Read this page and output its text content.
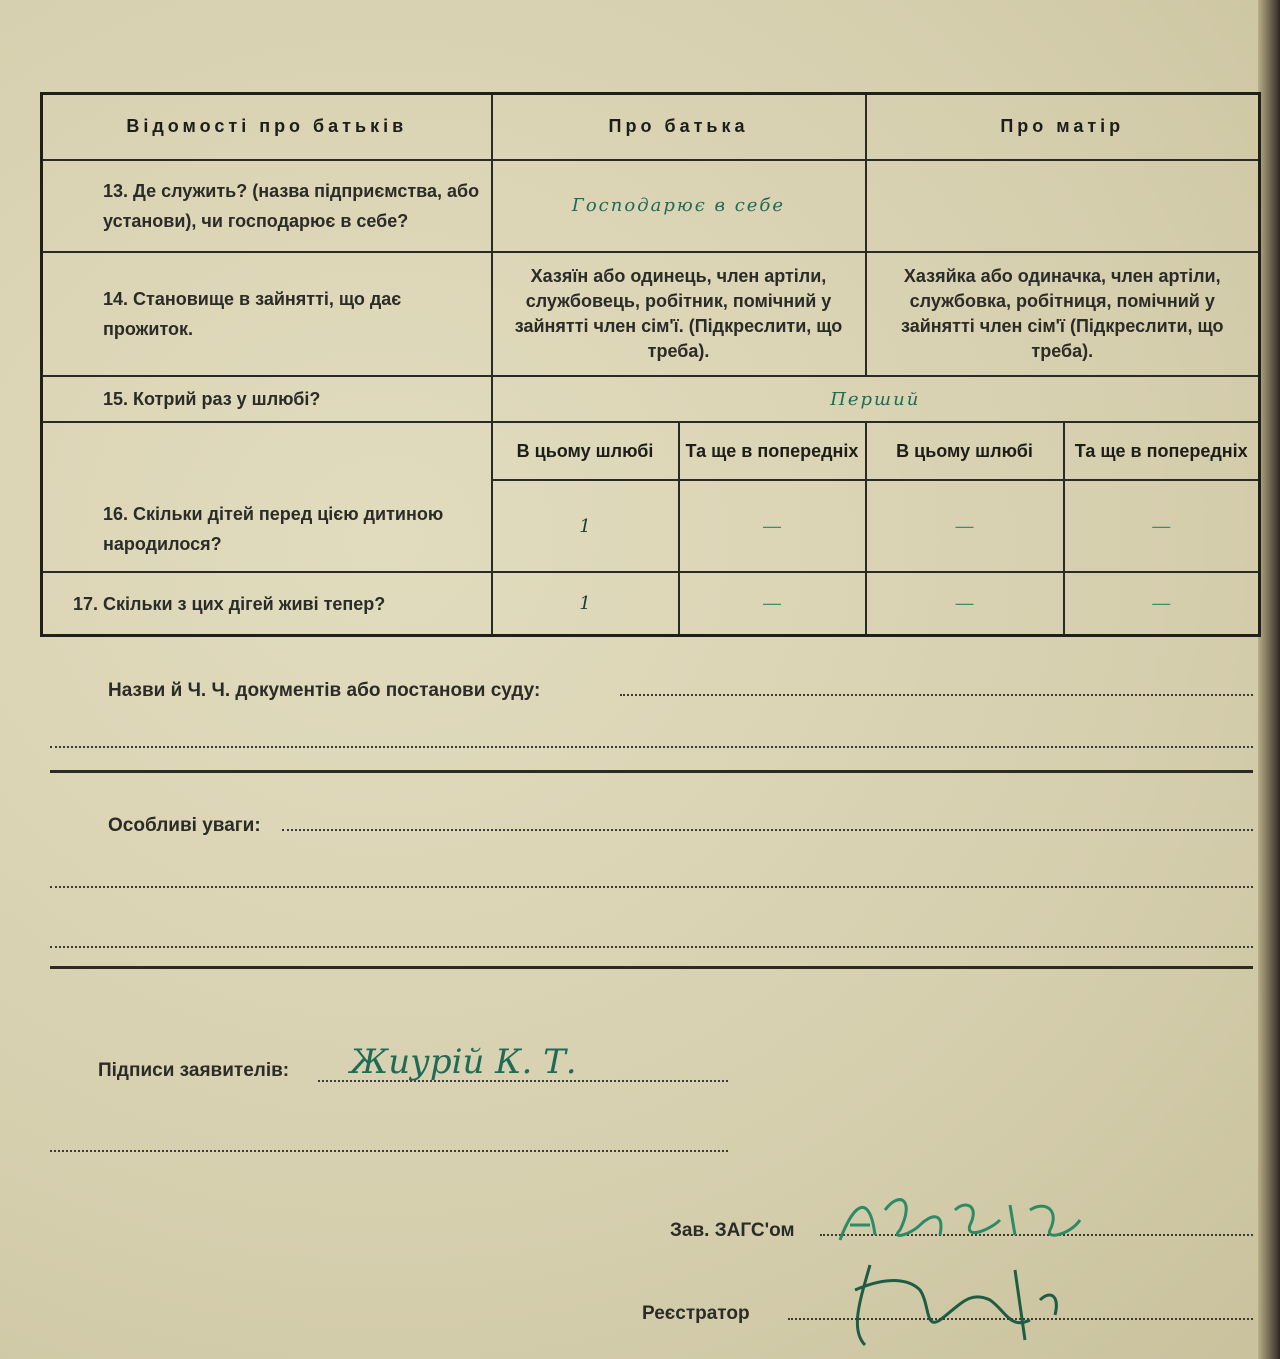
Відомості про батьків	Про батька		Про матір	
13. Де служить? (назва підприємства, або установи), чи господарює в себе?	Господарює в себе			
14. Становище в зайнятті, що дає прожиток.	Хазяїн або одинець, член артіли, службовець, робітник, помічний у зайнятті член сім'ї. (Підкреслити, що треба).		Хазяйка або одиначка, член артіли, службовка, робітниця, помічний у зайнятті член сім'ї (Підкреслити, що треба).	
15. Котрий раз у шлюбі?	Перший			
16. Скільки дітей перед цією дитиною народилося?	В цьому шлюбі	Та ще в попередніх	В цьому шлюбі	Та ще в попередніх
	1	—	—	—
17. Скільки з цих дігей живі тепер?	1	—	—	—
Назви й Ч. Ч. документів або постанови суду:
Особливі уваги:
Підписи заявителів: Жиурій К. Т.
Зав. ЗАГС'ом
Реєстратор
